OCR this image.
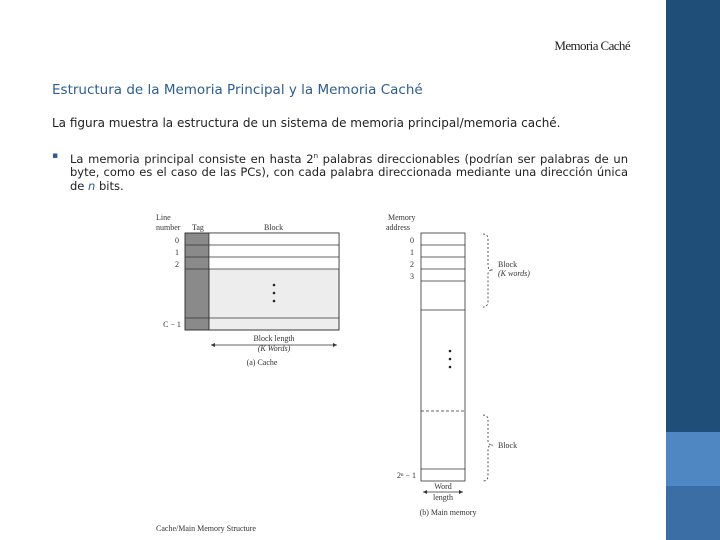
Memoria Caché
Estructura de la Memoria Principal y la Memoria Caché
La figura muestra la estructura de un sistema de memoria principal/memoria caché.
▪ La memoria principal consiste en hasta 2$^n$ palabras direccionables (podrían ser palabras de un byte, como es el caso de las PCs), con cada palabra direccionada mediante una dirección única de n bits.
Line
number Tag	Block
0
1
2
C − 1
Block length
(K Words)
(a) Cache
Memory
address
0
1
2
3
2ⁿ − 1
Block
(K words)
Block
Word
length
(b) Main memory
Cache/Main Memory Structure
